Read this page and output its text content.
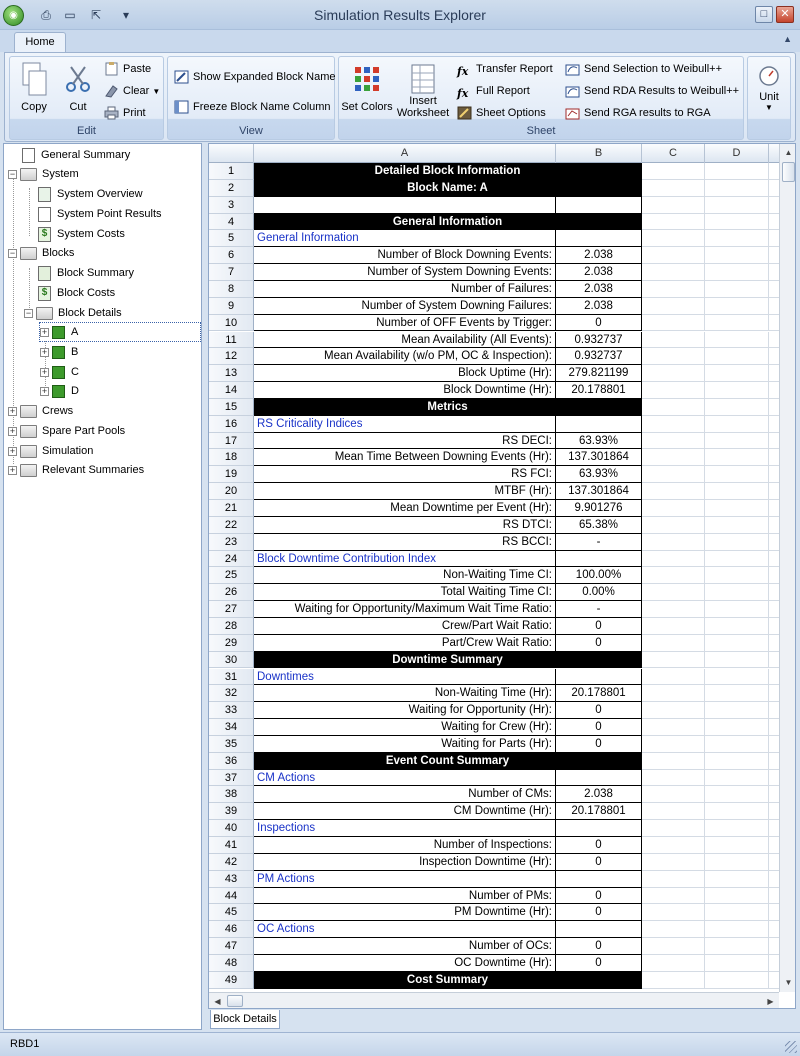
◉	⎙	▭	⇱	▾	Simulation Results Explorer	□	✕
Home	▲
Copy	Cut
Paste
Clear ▼
Print
Edit
Show Expanded Block Name
Freeze Block Name Column
View
Set Colors	Insert
Worksheet
fx Transfer Report
fx Full Report
Sheet Options
Send Selection to Weibull++
Send RDA Results to Weibull++
Send RGA results to RGA
Sheet
Unit
▼
General Summary
− System
System Overview
System Point Results
$ System Costs
− Blocks
Block Summary
$ Block Costs
− Block Details
+ A
+ B
+ C
+ D
+ Crews
+ Spare Part Pools
+ Simulation
+ Relevant Summaries
A	B	C	D
1	Detailed Block Information
2	Block Name: A
3
4	General Information
5	General Information
6	Number of Block Downing Events:	2.038
7	Number of System Downing Events:	2.038
8	Number of Failures:	2.038
9	Number of System Downing Failures:	2.038
10	Number of OFF Events by Trigger:	0
11	Mean Availability (All Events):	0.932737
12	Mean Availability (w/o PM, OC & Inspection):	0.932737
13	Block Uptime (Hr):	279.821199
14	Block Downtime (Hr):	20.178801
15	Metrics
16	RS Criticality Indices
17	RS DECI:	63.93%
18	Mean Time Between Downing Events (Hr):	137.301864
19	RS FCI:	63.93%
20	MTBF (Hr):	137.301864
21	Mean Downtime per Event (Hr):	9.901276
22	RS DTCI:	65.38%
23	RS BCCI:	-
24	Block Downtime Contribution Index
25	Non-Waiting Time CI:	100.00%
26	Total Waiting Time CI:	0.00%
27	Waiting for Opportunity/Maximum Wait Time Ratio:	-
28	Crew/Part Wait Ratio:	0
29	Part/Crew Wait Ratio:	0
30	Downtime Summary
31	Downtimes
32	Non-Waiting Time (Hr):	20.178801
33	Waiting for Opportunity (Hr):	0
34	Waiting for Crew (Hr):	0
35	Waiting for Parts (Hr):	0
36	Event Count Summary
37	CM Actions
38	Number of CMs:	2.038
39	CM Downtime (Hr):	20.178801
40	Inspections
41	Number of Inspections:	0
42	Inspection Downtime (Hr):	0
43	PM Actions
44	Number of PMs:	0
45	PM Downtime (Hr):	0
46	OC Actions
47	Number of OCs:	0
48	OC Downtime (Hr):	0
49	Cost Summary
▲
▼
◀	▶
Block Details
RBD1
